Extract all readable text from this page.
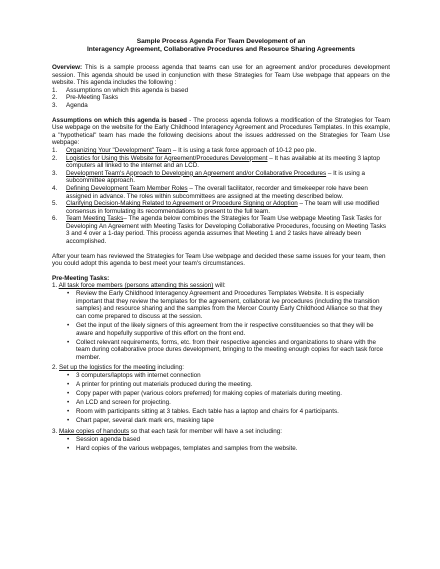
Sample Process Agenda For Team Development of an
Interagency Agreement, Collaborative Procedures and Resource Sharing Agreements
Overview: This is a sample process agenda that teams can use for an agreement and/or procedures development session. This agenda should be used in conjunction with these Strategies for Team Use webpage that appears on the website. This agenda includes the following :
1. Assumptions on which this agenda is based
2. Pre-Meeting Tasks
3. Agenda
Assumptions on which this agenda is based - The process agenda follows a modification of the Strategies for Team Use webpage on the website for the Early Childhood Interagency Agreement and Procedures Templates. In this example, a "hypothetical" team has made the following decisions about the issues addressed on the Strategies for Team Use webpage:
1. Organizing Your "Development" Team – It is using a task force approach of 10-12 peo ple.
2. Logistics for Using this Website for Agreement/Procedures Development – It has available at its meeting 3 laptop computers all linked to the internet and an LCD.
3. Development Team's Approach to Developing an Agreement and/or Collaborative Procedures – It is using a subcommittee approach.
4. Defining Development Team Member Roles – The overall facilitator, recorder and timekeeper role have been assigned in advance. The roles within subcommittees are assigned at the meeting described below.
5. Clarifying Decision-Making Related to Agreement or Procedure Signing or Adoption – The team will use modified consensus in formulating its recommendations to present to the full team.
6. Team Meeting Tasks– The agenda below combines the Strategies for Team Use webpage Meeting Task Tasks for Developing An Agreement with Meeting Tasks for Developing Collaborative Procedures, focusing on Meeting Tasks 3 and 4 over a 1-day period. This process agenda assumes that Meeting 1 and 2 tasks have already been accomplished.
After your team has reviewed the Strategies for Team Use webpage and decided these same issues for your team, then you could adopt this agenda to best meet your team's circumstances.
Pre-Meeting Tasks:
1. All task force members (persons attending this session) will:
• Review the Early Childhood Interagency Agreement and Procedures Templates Website. It is especially important that they review the templates for the agreement, collaborat ive procedures (including the transition samples) and resource sharing and the samples from the Mercer County Early Childhood Alliance so that they can come prepared to discuss at the session.
• Get the input of the likely signers of this agreement from the ir respective constituencies so that they will be aware and hopefully supportive of this effort on the front end.
• Collect relevant requirements, forms, etc. from their respective agencies and organizations to share with the team during collaborative proce dures development, bringing to the meeting enough copies for each task force member.
2. Set up the logistics for the meeting including:
• 3 computers/laptops with internet connection
• A printer for printing out materials produced during the meeting.
• Copy paper with paper (various colors preferred) for making copies of materials during meeting.
• An LCD and screen for projecting.
• Room with participants sitting at 3 tables. Each table has a laptop and chairs for 4 participants.
• Chart paper, several dark mark ers, masking tape
3. Make copies of handouts so that each task for member will have a set including:
• Session agenda based
• Hard copies of the various webpages, templates and samples from the website.
